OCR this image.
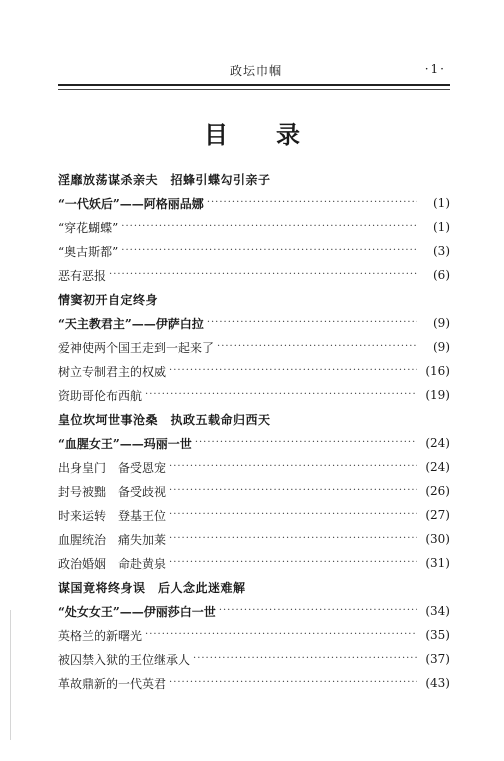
政坛巾帼	·1·
目录
淫靡放荡谋杀亲夫　招蜂引蝶勾引亲子
“一代妖后”——阿格丽品娜 ·····	(1)
“穿花蝴蝶” ·····	(1)
“奥古斯都” ·····	(3)
恶有恶报 ·····	(6)
情窦初开自定终身
“天主教君主”——伊萨白拉 ·····	(9)
爱神使两个国王走到一起来了 ·····	(9)
树立专制君主的权威 ·····	(16)
资助哥伦布西航 ·····	(19)
皇位坎坷世事沧桑　执政五载命归西天
“血腥女王”——玛丽一世 ·····	(24)
出身皇门　备受恩宠 ·····	(24)
封号被黜　备受歧视 ·····	(26)
时来运转　登基王位 ·····	(27)
血腥统治　痛失加莱 ·····	(30)
政治婚姻　命赴黄泉 ·····	(31)
谋国竟将终身误　后人念此迷难解
“处女女王”——伊丽莎白一世 ·····	(34)
英格兰的新曙光 ·····	(35)
被囚禁入狱的王位继承人 ·····	(37)
革故鼎新的一代英君 ·····	(43)
